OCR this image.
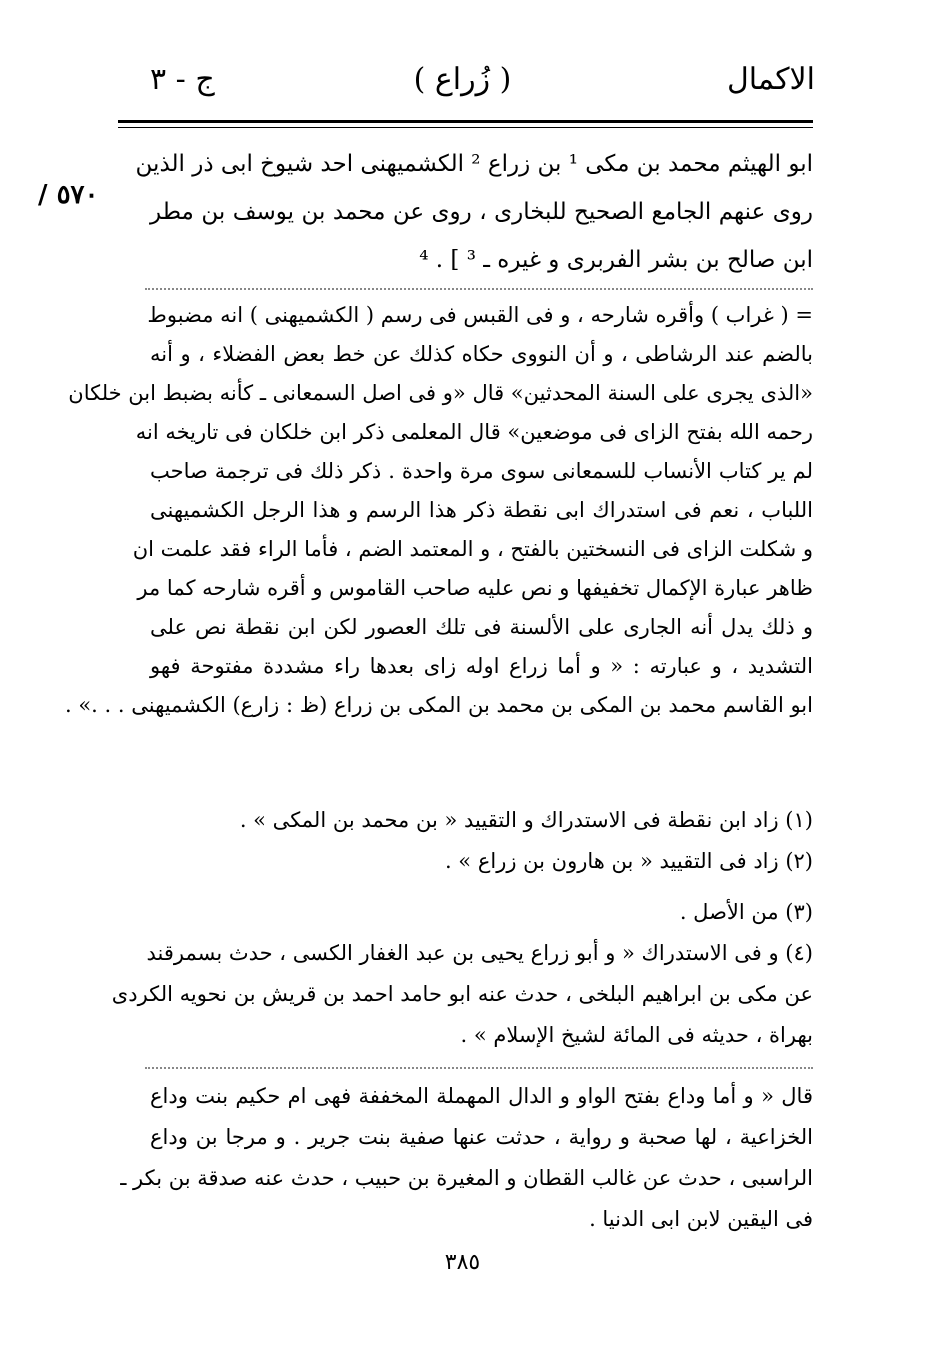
الاكمال
( زُراع )
ج - ٣
/ ٥٧٠
ابو الهيثم محمد بن مكى ¹ بن زراع ² الكشميهنى احد شيوخ ابى ذر الذين
روى عنهم الجامع الصحيح للبخارى ، روى عن محمد بن يوسف بن مطر
ابن صالح بن بشر الفربرى و غيره ـ ³ ] . ⁴
= ( غراب ) وأقره شارحه ، و فى القبس فى رسم ( الكشميهنى ) انه مضبوط
بالضم عند الرشاطى ، و أن النووى حكاه كذلك عن خط بعض الفضلاء ، و أنه
«الذى يجرى على السنة المحدثين» قال «و فى اصل السمعانى ـ كأنه بضبط ابن خلكان
رحمه الله بفتح الزاى فى موضعين» قال المعلمى ذكر ابن خلكان فى تاريخه انه
لم ير كتاب الأنساب للسمعانى سوى مرة واحدة . ذكر ذلك فى ترجمة صاحب
اللباب ، نعم فى استدراك ابى نقطة ذكر هذا الرسم و هذا الرجل الكشميهنى
و شكلت الزاى فى النسختين بالفتح ، و المعتمد الضم ، فأما الراء فقد علمت ان
ظاهر عبارة الإكمال تخفيفها و نص عليه صاحب القاموس و أقره شارحه كما مر
و ذلك يدل أنه الجارى على الألسنة فى تلك العصور لكن ابن نقطة نص على
التشديد ، و عبارته : « و أما زراع اوله زاى بعدها راء مشددة مفتوحة فهو
ابو القاسم محمد بن المكى بن محمد بن المكى بن زراع (ظ : زارع) الكشميهنى . . .» .
(١) زاد ابن نقطة فى الاستدراك و التقييد « بن محمد بن المكى » .
(٢) زاد فى التقييد « بن هارون بن زراع » .
(٣) من الأصل .
(٤) و فى الاستدراك « و أبو زراع يحيى بن عبد الغفار الكسى ، حدث بسمرقند
عن مكى بن ابراهيم البلخى ، حدث عنه ابو حامد احمد بن قريش بن نحويه الكردى
بهراة ، حديثه فى المائة لشيخ الإسلام » .
قال « و أما وداع بفتح الواو و الدال المهملة المخففة فهى ام حكيم بنت وداع
الخزاعية ، لها صحبة و رواية ، حدثت عنها صفية بنت جرير . و مرجا بن وداع
الراسبى ، حدث عن غالب القطان و المغيرة بن حبيب ، حدث عنه صدقة بن بكر ـ
فى اليقين لابن ابى الدنيا .
٣٨٥
